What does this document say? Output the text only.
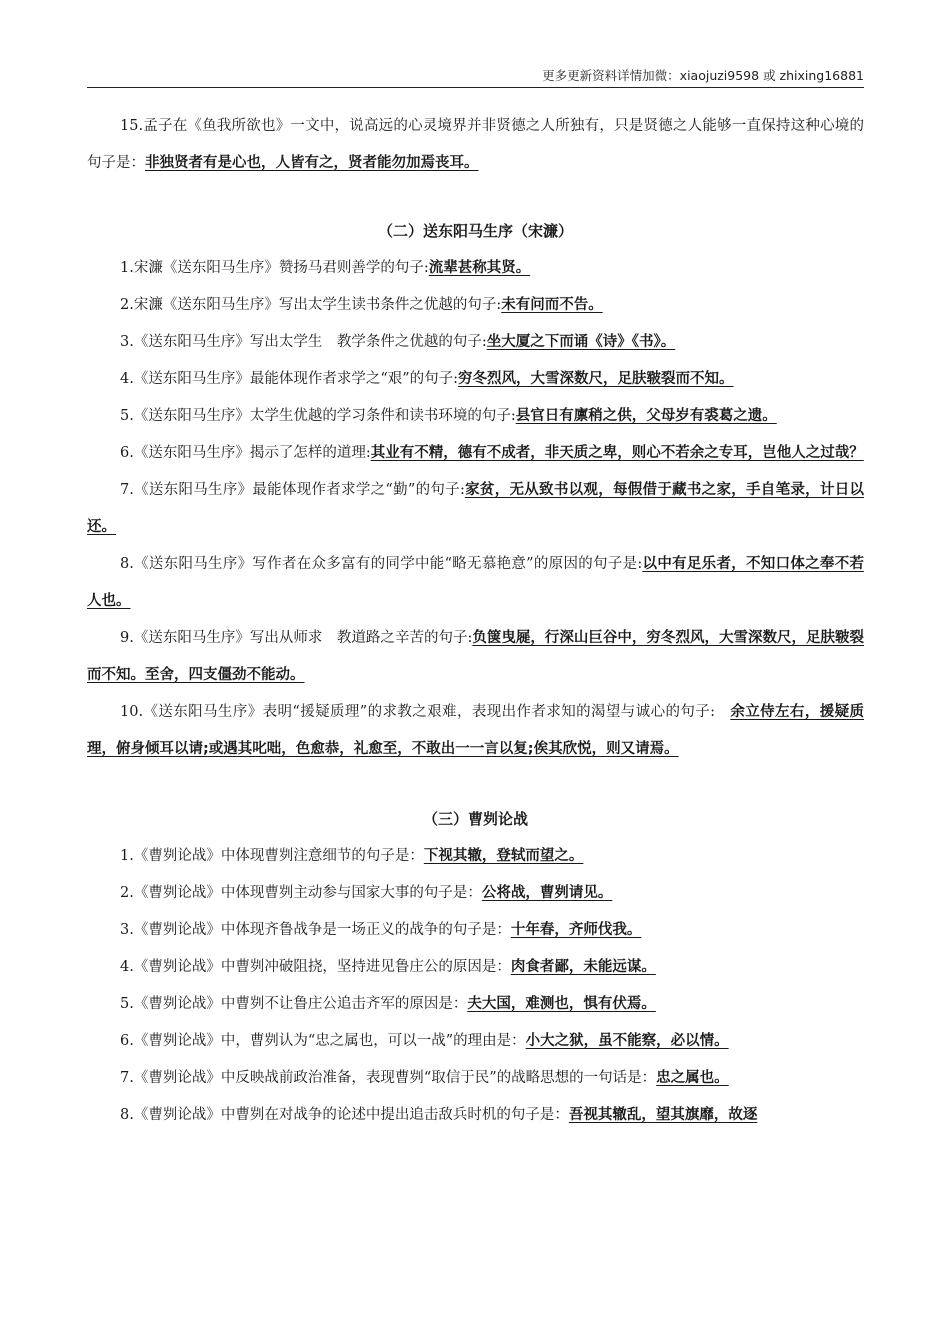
更多更新资料详情加微：xiaojuzi9598 或 zhixing16881

15.孟子在《鱼我所欲也》一文中，说高远的心灵境界并非贤德之人所独有，只是贤德之人能够一直保持这种心境的句子是：非独贤者有是心也，人皆有之，贤者能勿加焉丧耳。

（二）送东阳马生序（宋濂）

1.宋濂《送东阳马生序》赞扬马君则善学的句子:流辈甚称其贤。

2.宋濂《送东阳马生序》写出太学生读书条件之优越的句子:未有问而不告。

3.《送东阳马生序》写出太学生　教学条件之优越的句子:坐大厦之下而诵《诗》《书》。

4.《送东阳马生序》最能体现作者求学之“艰”的句子:穷冬烈风，大雪深数尺，足肤皲裂而不知。

5.《送东阳马生序》太学生优越的学习条件和读书环境的句子:县官日有廪稍之供，父母岁有裘葛之遗。

6.《送东阳马生序》揭示了怎样的道理:其业有不精，德有不成者，非天质之卑，则心不若余之专耳，岂他人之过哉？

7.《送东阳马生序》最能体现作者求学之“勤”的句子:家贫，无从致书以观，每假借于藏书之家，手自笔录，计日以还。

8.《送东阳马生序》写作者在众多富有的同学中能“略无慕艳意”的原因的句子是:以中有足乐者，不知口体之奉不若人也。

9.《送东阳马生序》写出从师求　教道路之辛苦的句子:负箧曳屣，行深山巨谷中，穷冬烈风，大雪深数尺，足肤皲裂而不知。至舍，四支僵劲不能动。

10.《送东阳马生序》表明“援疑质理”的求教之艰难，表现出作者求知的渴望与诚心的句子:　余立侍左右，援疑质理，俯身倾耳以请;或遇其叱咄，色愈恭，礼愈至，不敢出一一言以复;俟其欣悦，则又请焉。

（三）曹刿论战

1.《曹刿论战》中体现曹刿注意细节的句子是：下视其辙，登轼而望之。

2.《曹刿论战》中体现曹刿主动参与国家大事的句子是：公将战，曹刿请见。

3.《曹刿论战》中体现齐鲁战争是一场正义的战争的句子是：十年春，齐师伐我。

4.《曹刿论战》中曹刿冲破阻挠，坚持进见鲁庄公的原因是：肉食者鄙，未能远谋。

5.《曹刿论战》中曹刿不让鲁庄公追击齐军的原因是：夫大国，难测也，惧有伏焉。

6.《曹刿论战》中，曹刿认为“忠之属也，可以一战”的理由是：小大之狱，虽不能察，必以情。

7.《曹刿论战》中反映战前政治准备，表现曹刿“取信于民”的战略思想的一句话是：忠之属也。

8.《曹刿论战》中曹刿在对战争的论述中提出追击敌兵时机的句子是：吾视其辙乱，望其旗靡，故逐
